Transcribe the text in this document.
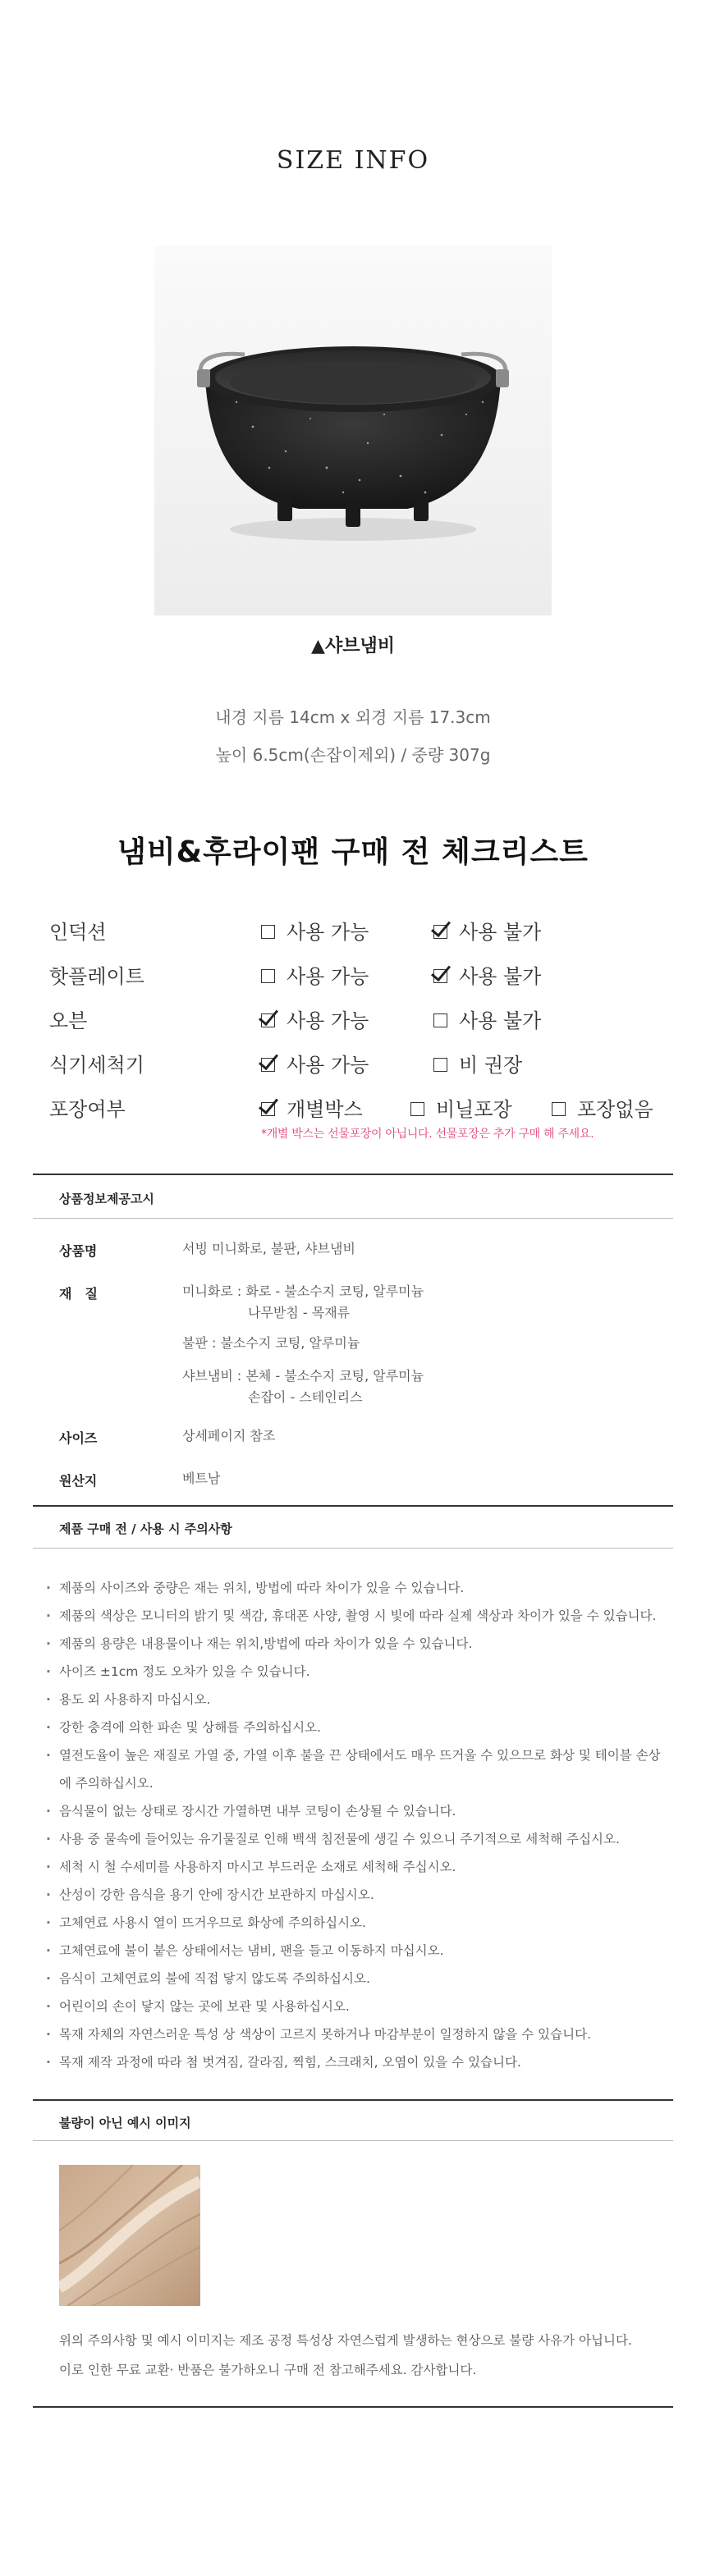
SIZE INFO
▲샤브냄비
내경 지름 14cm x 외경 지름 17.3cm
높이 6.5cm(손잡이제외) / 중량 307g
냄비&후라이팬 구매 전 체크리스트
인덕션	사용 가능	사용 불가
핫플레이트	사용 가능	사용 불가
오븐	사용 가능	사용 불가
식기세척기	사용 가능	비 권장
포장여부	개별박스	비닐포장	포장없음
*개별 박스는 선물포장이 아닙니다. 선물포장은 추가 구매 해 주세요.
상품정보제공고시
상품명	서빙 미니화로, 불판, 샤브냄비
재　질	미니화로 : 화로 - 불소수지 코팅, 알루미늄
　　　　　나무받침 - 목재류
불판 : 불소수지 코팅, 알루미늄
샤브냄비 : 본체 - 불소수지 코팅, 알루미늄
　　　　　손잡이 - 스테인리스
사이즈	상세페이지 참조
원산지	베트남
제품 구매 전 / 사용 시 주의사항
· 제품의 사이즈와 중량은 재는 위치, 방법에 따라 차이가 있을 수 있습니다.
· 제품의 색상은 모니터의 밝기 및 색감, 휴대폰 사양, 촬영 시 빛에 따라 실제 색상과 차이가 있을 수 있습니다.
· 제품의 용량은 내용물이나 재는 위치,방법에 따라 차이가 있을 수 있습니다.
· 사이즈 ±1cm 정도 오차가 있을 수 있습니다.
· 용도 외 사용하지 마십시오.
· 강한 충격에 의한 파손 및 상해를 주의하십시오.
· 열전도율이 높은 재질로 가열 중, 가열 이후 불을 끈 상태에서도 매우 뜨거울 수 있으므로 화상 및 테이블 손상에 주의하십시오.
· 음식물이 없는 상태로 장시간 가열하면 내부 코팅이 손상될 수 있습니다.
· 사용 중 물속에 들어있는 유기물질로 인해 백색 침전물에 생길 수 있으니 주기적으로 세척해 주십시오.
· 세척 시 철 수세미를 사용하지 마시고 부드러운 소재로 세척해 주십시오.
· 산성이 강한 음식을 용기 안에 장시간 보관하지 마십시오.
· 고체연료 사용시 열이 뜨거우므로 화상에 주의하십시오.
· 고체연료에 불이 붙은 상태에서는 냄비, 팬을 들고 이동하지 마십시오.
· 음식이 고체연료의 불에 직접 닿지 않도록 주의하십시오.
· 어린이의 손이 닿지 않는 곳에 보관 및 사용하십시오.
· 목재 자체의 자연스러운 특성 상 색상이 고르지 못하거나 마감부분이 일정하지 않을 수 있습니다.
· 목재 제작 과정에 따라 첨 벗겨짐, 갈라짐, 찍힘, 스크래치, 오염이 있을 수 있습니다.
불량이 아닌 예시 이미지
위의 주의사항 및 예시 이미지는 제조 공정 특성상 자연스럽게 발생하는 현상으로 불량 사유가 아닙니다.
이로 인한 무료 교환· 반품은 불가하오니 구매 전 참고해주세요. 감사합니다.
